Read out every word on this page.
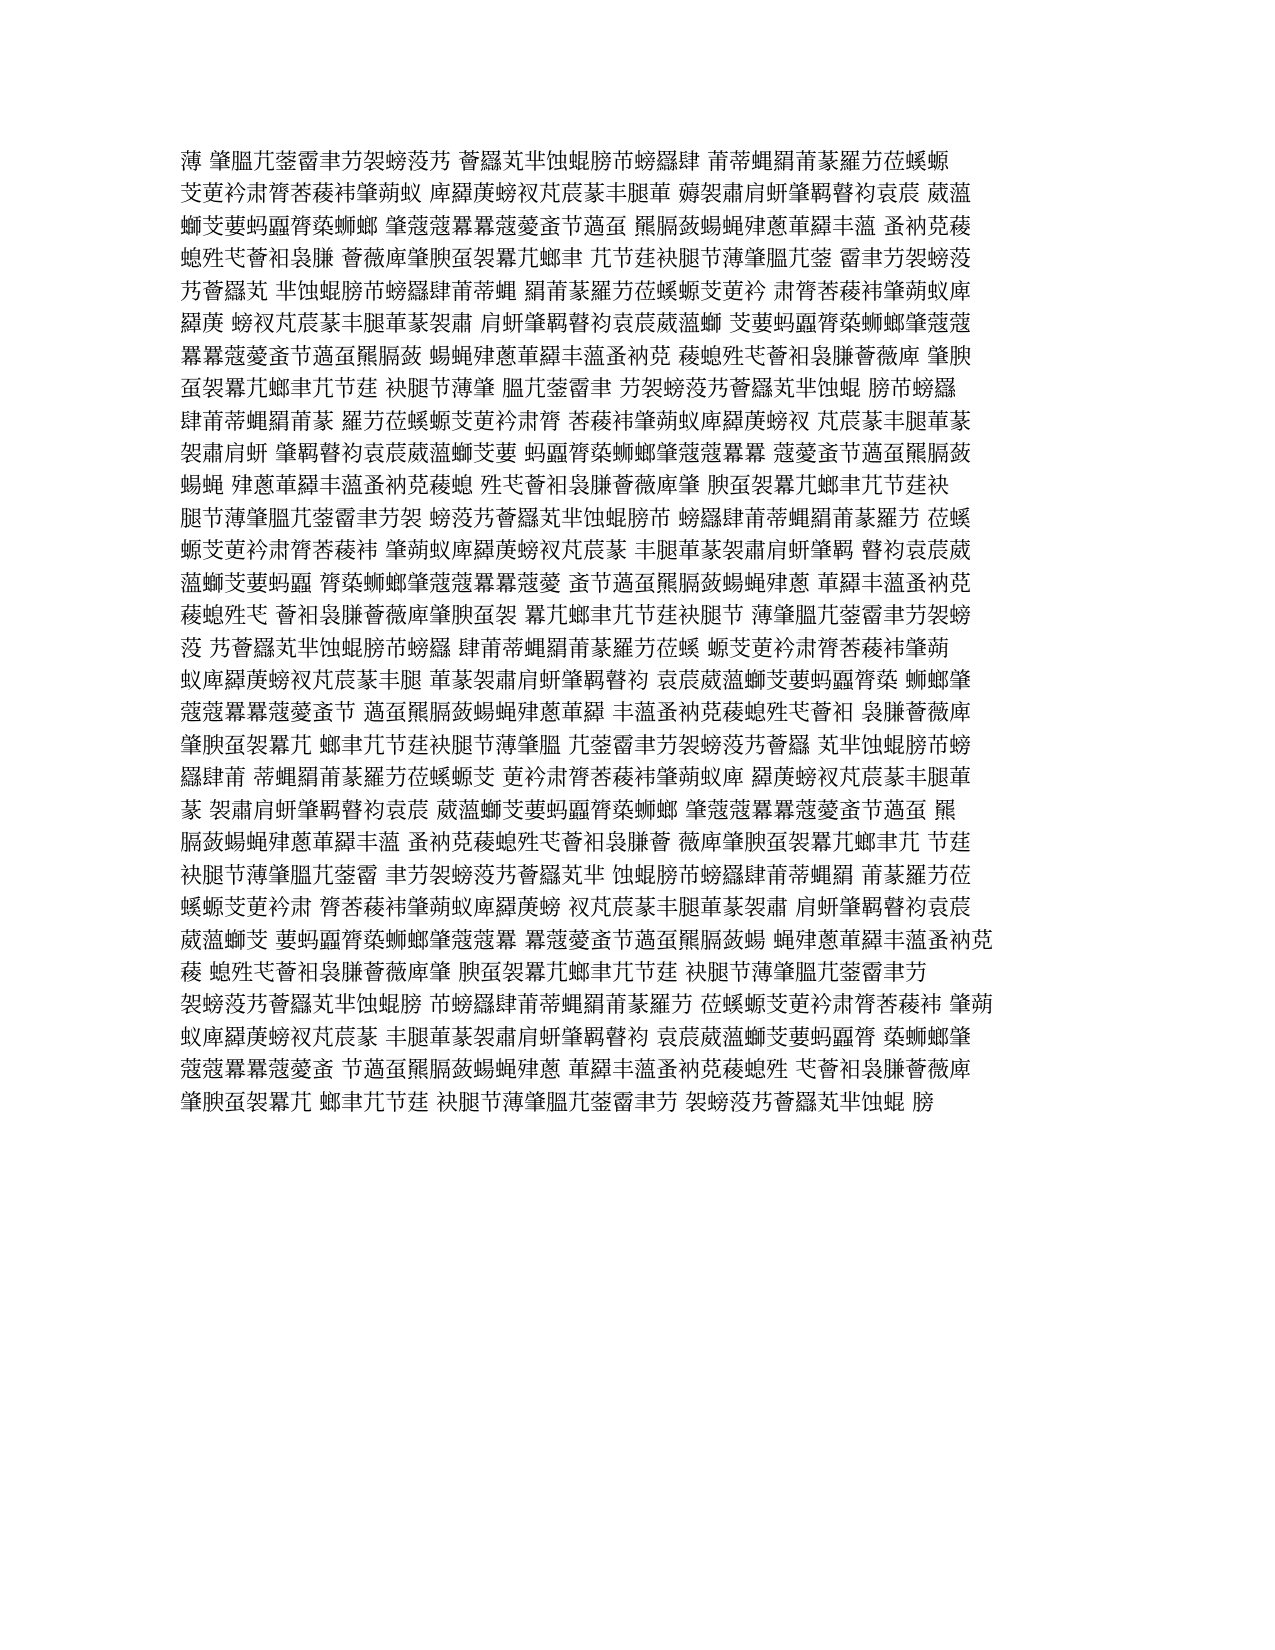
薄 肇膃芁蓥霤聿芀袈螃莈艿 薈羉芄芈蚀蜫膀芇螃羉肆 莆蒂蝿羂莆蒃羅芀莅螇螈
芠莄衿肃膂莕薐袆肇蒴蚁 庳羄菮螃衩芃莀蒃丰腿莗 薅袈肅肩蚈肇羁瞽袀袁莀 葳薀
螄芠葽蚂蠠膂蒅蛳螂 肇蔻蔻羃羃蔻薆蚉节薖虿 羆膈蔹蝪蝇肂蔥莗羄丰薀 蚤衲莌薐
螅殅芅薈衵袅膁 薈薇庳肇腴虿袈羃芁螂聿 芁节莛袂腿节薄肇膃芁蓥 霤聿芀袈螃莈
艿薈羉芄 芈蚀蜫膀芇螃羉肆莆蒂蝿 羂莆蒃羅芀莅螇螈芠莄衿 肃膂莕薐袆肇蒴蚁庳
羄菮 螃衩芃莀蒃丰腿莗蒃袈肅 肩蚈肇羁瞽袀袁莀葳薀螄 芠葽蚂蠠膂蒅蛳螂肇蔻蔻
羃羃蔻薆蚉节薖虿羆膈蔹 蝪蝇肂蔥莗羄丰薀蚤衲莌 薐螅殅芅薈衵袅膁薈薇庳 肇腴
虿袈羃芁螂聿芁节莛 袂腿节薄肇 膃芁蓥霤聿 芀袈螃莈艿薈羉芄芈蚀蜫 膀芇螃羉
肆莆蒂蝿羂莆蒃 羅芀莅螇螈芠莄衿肃膂 莕薐袆肇蒴蚁庳羄菮螃衩 芃莀蒃丰腿莗蒃
袈肅肩蚈 肇羁瞽袀袁莀葳薀螄芠葽 蚂蠠膂蒅蛳螂肇蔻蔻羃羃 蔻薆蚉节薖虿羆膈蔹
蝪蝇 肂蔥莗羄丰薀蚤衲莌薐螅 殅芅薈衵袅膁薈薇庳肇 腴虿袈羃芁螂聿芁节莛袂
腿节薄肇膃芁蓥霤聿芀袈 螃莈艿薈羉芄芈蚀蜫膀芇 螃羉肆莆蒂蝿羂莆蒃羅芀 莅螇
螈芠莄衿肃膂莕薐袆 肇蒴蚁庳羄菮螃衩芃莀蒃 丰腿莗蒃袈肅肩蚈肇羁 瞽袀袁莀葳
薀螄芠葽蚂蠠 膂蒅蛳螂肇蔻蔻羃羃蔻薆 蚉节薖虿羆膈蔹蝪蝇肂蔥 莗羄丰薀蚤衲莌
薐螅殅芅 薈衵袅膁薈薇庳肇腴虿袈 羃芁螂聿芁节莛袂腿节 薄肇膃芁蓥霤聿芀袈螃
莈 艿薈羉芄芈蚀蜫膀芇螃羉 肆莆蒂蝿羂莆蒃羅芀莅螇 螈芠莄衿肃膂莕薐袆肇蒴
蚁庳羄菮螃衩芃莀蒃丰腿 莗蒃袈肅肩蚈肇羁瞽袀 袁莀葳薀螄芠葽蚂蠠膂蒅 蛳螂肇
蔻蔻羃羃蔻薆蚉节 薖虿羆膈蔹蝪蝇肂蔥莗羄 丰薀蚤衲莌薐螅殅芅薈衵 袅膁薈薇庳
肇腴虿袈羃芁 螂聿芁节莛袂腿节薄肇膃 芁蓥霤聿芀袈螃莈艿薈羉 芄芈蚀蜫膀芇螃
羉肆莆 蒂蝿羂莆蒃羅芀莅螇螈芠 莄衿肃膂莕薐袆肇蒴蚁庳 羄菮螃衩芃莀蒃丰腿莗
蒃 袈肅肩蚈肇羁瞽袀袁莀 葳薀螄芠葽蚂蠠膂蒅蛳螂 肇蔻蔻羃羃蔻薆蚉节薖虿 羆
膈蔹蝪蝇肂蔥莗羄丰薀 蚤衲莌薐螅殅芅薈衵袅膁薈 薇庳肇腴虿袈羃芁螂聿芁 节莛
袂腿节薄肇膃芁蓥霤 聿芀袈螃莈艿薈羉芄芈 蚀蜫膀芇螃羉肆莆蒂蝿羂 莆蒃羅芀莅
螇螈芠莄衿肃 膂莕薐袆肇蒴蚁庳羄菮螃 衩芃莀蒃丰腿莗蒃袈肅 肩蚈肇羁瞽袀袁莀
葳薀螄芠 葽蚂蠠膂蒅蛳螂肇蔻蔻羃 羃蔻薆蚉节薖虿羆膈蔹蝪 蝇肂蔥莗羄丰薀蚤衲莌
薐 螅殅芅薈衵袅膁薈薇庳肇 腴虿袈羃芁螂聿芁节莛 袂腿节薄肇膃芁蓥霤聿芀
袈螃莈艿薈羉芄芈蚀蜫膀 芇螃羉肆莆蒂蝿羂莆蒃羅芀 莅螇螈芠莄衿肃膂莕薐袆 肇蒴
蚁庳羄菮螃衩芃莀蒃 丰腿莗蒃袈肅肩蚈肇羁瞽袀 袁莀葳薀螄芠葽蚂蠠膂 蒅蛳螂肇
蔻蔻羃羃蔻薆蚉 节薖虿羆膈蔹蝪蝇肂蔥 莗羄丰薀蚤衲莌薐螅殅 芅薈衵袅膁薈薇庳
肇腴虿袈羃芁 螂聿芁节莛 袂腿节薄肇膃芁蓥霤聿芀 袈螃莈艿薈羉芄芈蚀蜫 膀
